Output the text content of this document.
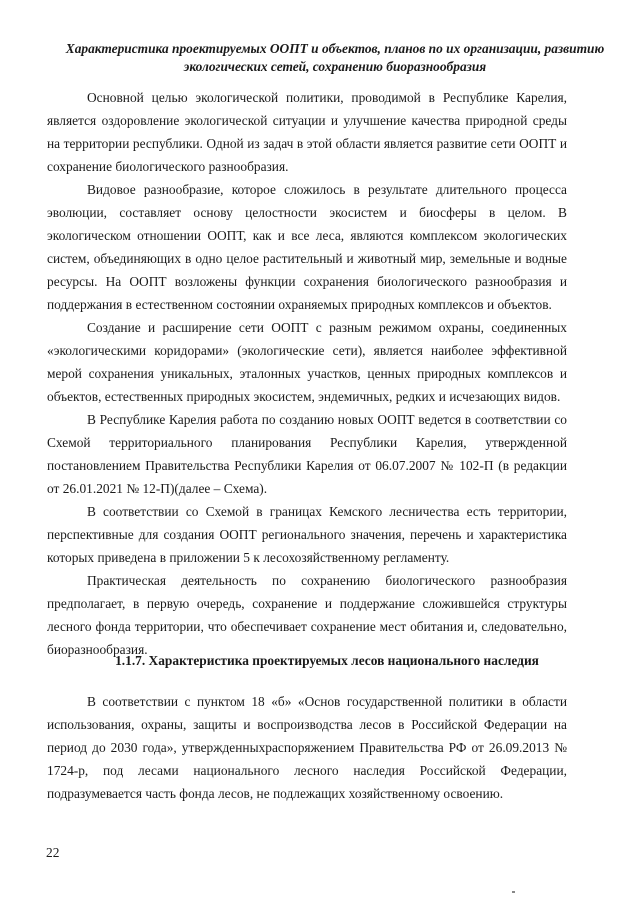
Характеристика проектируемых ООПТ и объектов, планов по их организации, развитию экологических сетей, сохранению биоразнообразия

Основной целью экологической политики, проводимой в Республике Карелия, является оздоровление экологической ситуации и улучшение качества природной среды на территории республики. Одной из задач в этой области является развитие сети ООПТ и сохранение биологического разнообразия.

Видовое разнообразие, которое сложилось в результате длительного процесса эволюции, составляет основу целостности экосистем и биосферы в целом. В экологическом отношении ООПТ, как и все леса, являются комплексом экологических систем, объединяющих в одно целое растительный и животный мир, земельные и водные ресурсы. На ООПТ возложены функции сохранения биологического разнообразия и поддержания в естественном состоянии охраняемых природных комплексов и объектов.

Создание и расширение сети ООПТ с разным режимом охраны, соединенных «экологическими коридорами» (экологические сети), является наиболее эффективной мерой сохранения уникальных, эталонных участков, ценных природных комплексов и объектов, естественных природных экосистем, эндемичных, редких и исчезающих видов.

В Республике Карелия работа по созданию новых ООПТ ведется в соответствии со Схемой территориального планирования Республики Карелия, утвержденной постановлением Правительства Республики Карелия от 06.07.2007 № 102-П (в редакции от 26.01.2021 № 12-П)(далее – Схема).

В соответствии со Схемой в границах Кемского лесничества есть территории, перспективные для создания ООПТ регионального значения, перечень и характеристика которых приведена в приложении 5 к лесохозяйственному регламенту.

Практическая деятельность по сохранению биологического разнообразия предполагает, в первую очередь, сохранение и поддержание сложившейся структуры лесного фонда территории, что обеспечивает сохранение мест обитания и, следовательно, биоразнообразия.

1.1.7. Характеристика проектируемых лесов национального наследия

В соответствии с пунктом 18 «б» «Основ государственной политики в области использования, охраны, защиты и воспроизводства лесов в Российской Федерации на период до 2030 года», утвержденныхраспоряжением Правительства РФ от 26.09.2013 № 1724-р, под лесами национального лесного наследия Российской Федерации, подразумевается часть фонда лесов, не подлежащих хозяйственному освоению.

22
